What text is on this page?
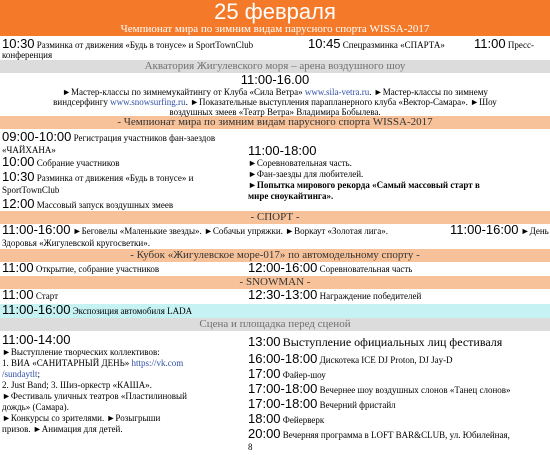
25 февраля
Чемпионат мира по зимним видам парусного спорта WISSA-2017
10:30 Разминка от движения «Будь в тонусе» и SportTownClub	10:45 Спецразминка «СПАРТА» 11:00 Пресс-
конференция
Акватория Жигулевского моря – арена воздушного шоу
11:00-16.00
►Мастер-классы по зимнемукайтингу от Клуба «Сила Ветра» www.sila-vetra.ru. ►Мастер-классы по зимнему
виндсерфингу www.snowsurfing.ru. ►Показательные выступления парапланерного клуба «Вектор-Самара». ►Шоу
воздушных змеев «Театр Ветра» Владимира Бобылева.
- Чемпионат мира по зимним видам парусного спорта WISSA-2017
09:00-10:00 Регистрация участников фан-заездов
«ЧАЙХАНА»
10:00 Собрание участников
10:30 Разминка от движения «Будь в тонусе» и
SportTownClub
12:00 Массовый запуск воздушных змеев
11:00-18:00
►Соревновательная часть.
►Фан-заезды для любителей.
►Попытка мирового рекорда «Самый массовый старт в
мире сноукайтинга».
- СПОРТ -
11:00-16:00 ►Беговелы «Маленькие звезды». ►Собачьи упряжки. ►Воркаут «Золотая лига».	11:00-16:00 ►День
Здоровья «Жигулевской кругосветки».
- Кубок «Жигулевское море-017» по автомодельному спорту -
11:00 Открытие, собрание участников	12:00-16:00 Соревновательная часть
- SNOWMAN -
11:00 Старт	12:30-13:00 Награждение победителей
11:00-16:00 Экспозиция автомобиля LADA
Сцена и площадка перед сценой
11:00-14:00
►Выступление творческих коллективов:
1. ВИА «САНИТАРНЫЙ ДЕНЬ» https://vk.com
/sundaytlt;
2. Just Band; 3. Шиз-оркестр «КАША».
►Фестиваль уличных театров «Пластилиновый
дождь» (Самара).
►Конкурсы со зрителями. ►Розыгрыши
призов. ►Анимация для детей.
13:00 Выступление официальных лиц фестиваля
16:00-18:00 Дискотека ICE DJ Proton, DJ Jay-D
17:00 Файер-шоу
17:00-18:00 Вечернее шоу воздушных слонов «Танец слонов»
17:00-18:00 Вечерний фристайл
18:00 Фейерверк
20:00 Вечерняя программа в LOFT BAR&CLUB, ул. Юбилейная,
8
